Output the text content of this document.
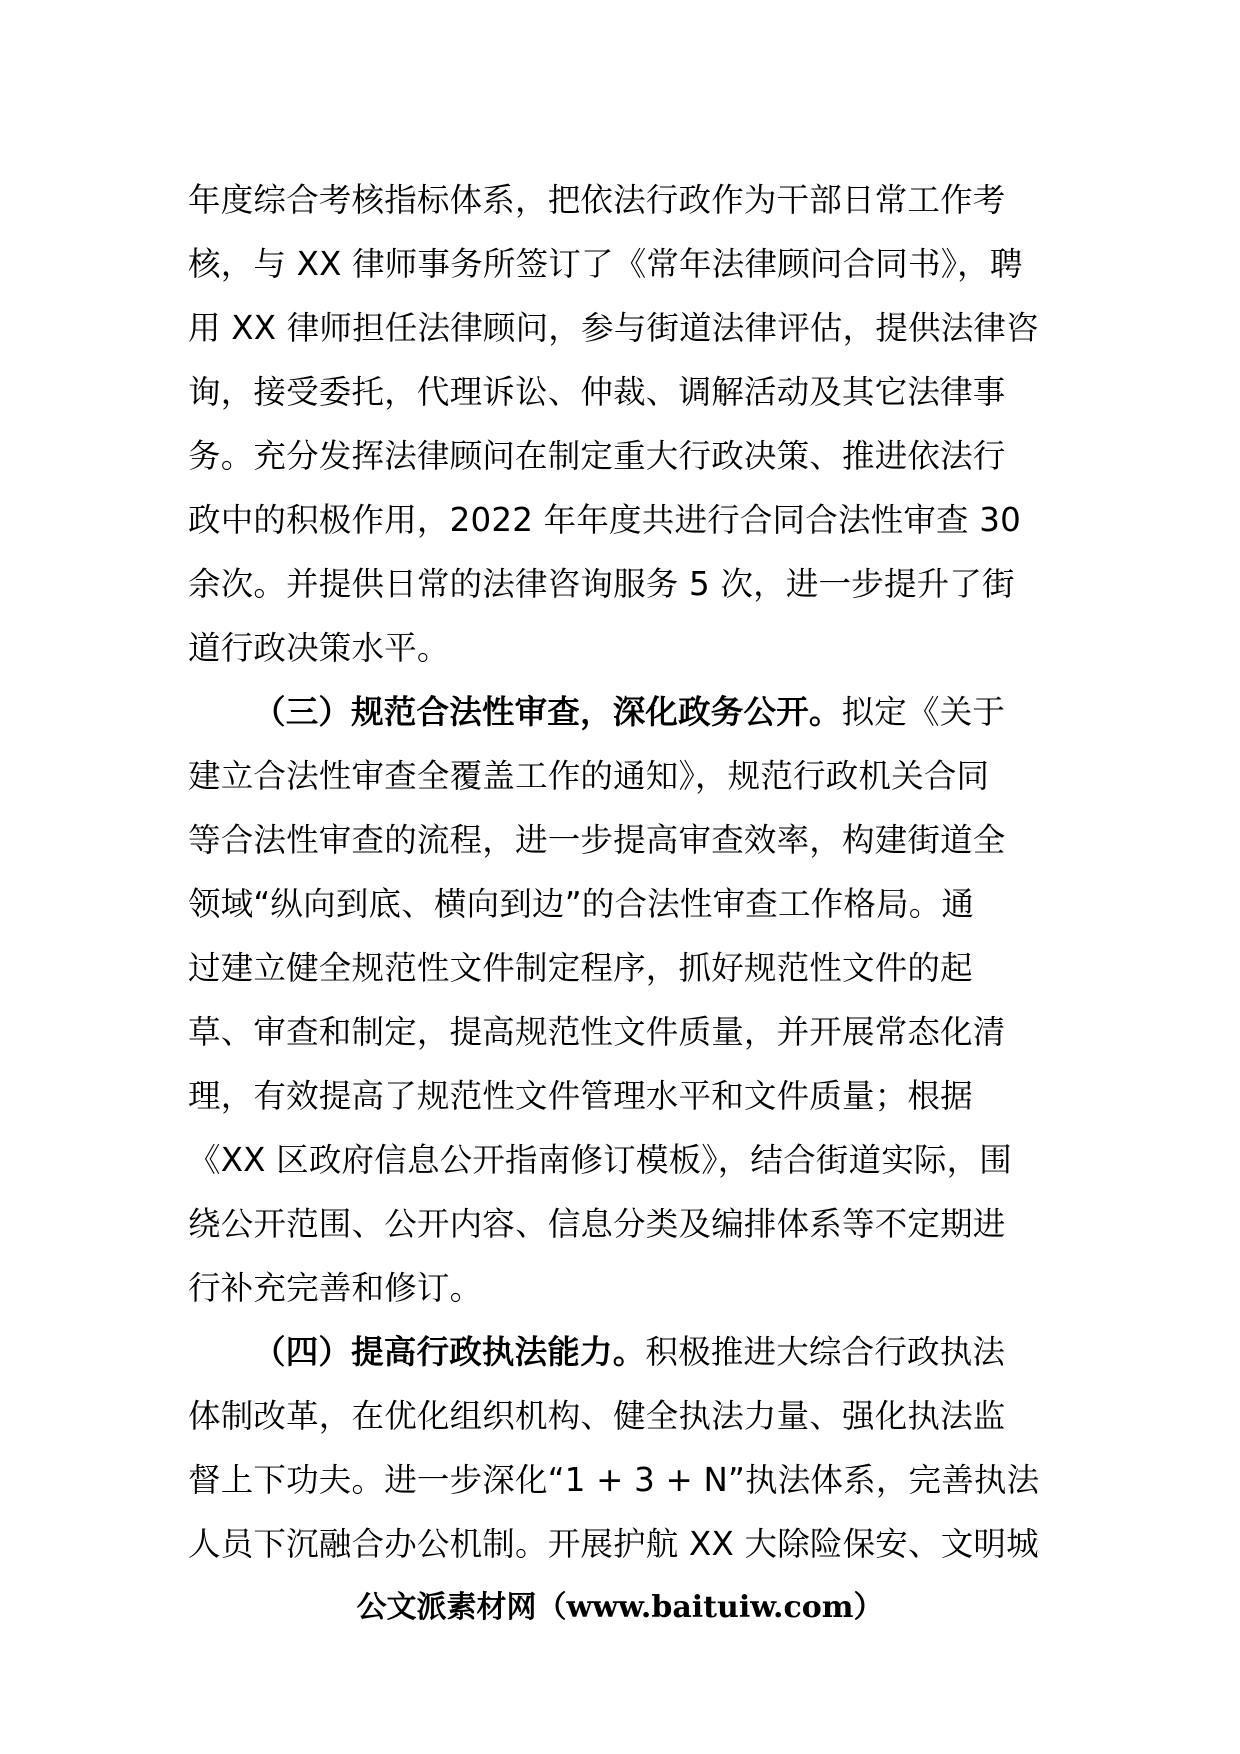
年度综合考核指标体系，把依法行政作为干部日常工作考
核，与 XX 律师事务所签订了《常年法律顾问合同书》，聘
用 XX 律师担任法律顾问，参与街道法律评估，提供法律咨
询，接受委托，代理诉讼、仲裁、调解活动及其它法律事
务。充分发挥法律顾问在制定重大行政决策、推进依法行
政中的积极作用，2022 年年度共进行合同合法性审查 30
余次。并提供日常的法律咨询服务 5 次，进一步提升了街
道行政决策水平。
（三）规范合法性审查，深化政务公开。拟定《关于
建立合法性审查全覆盖工作的通知》，规范行政机关合同
等合法性审查的流程，进一步提高审查效率，构建街道全
领域“纵向到底、横向到边”的合法性审查工作格局。通
过建立健全规范性文件制定程序，抓好规范性文件的起
草、审查和制定，提高规范性文件质量，并开展常态化清
理，有效提高了规范性文件管理水平和文件质量；根据
《XX 区政府信息公开指南修订模板》，结合街道实际，围
绕公开范围、公开内容、信息分类及编排体系等不定期进
行补充完善和修订。
（四）提高行政执法能力。积极推进大综合行政执法
体制改革，在优化组织机构、健全执法力量、强化执法监
督上下功夫。进一步深化“1 + 3 + N”执法体系，完善执法
人员下沉融合办公机制。开展护航 XX 大除险保安、文明城
公文派素材网（www.baituiw.com）
